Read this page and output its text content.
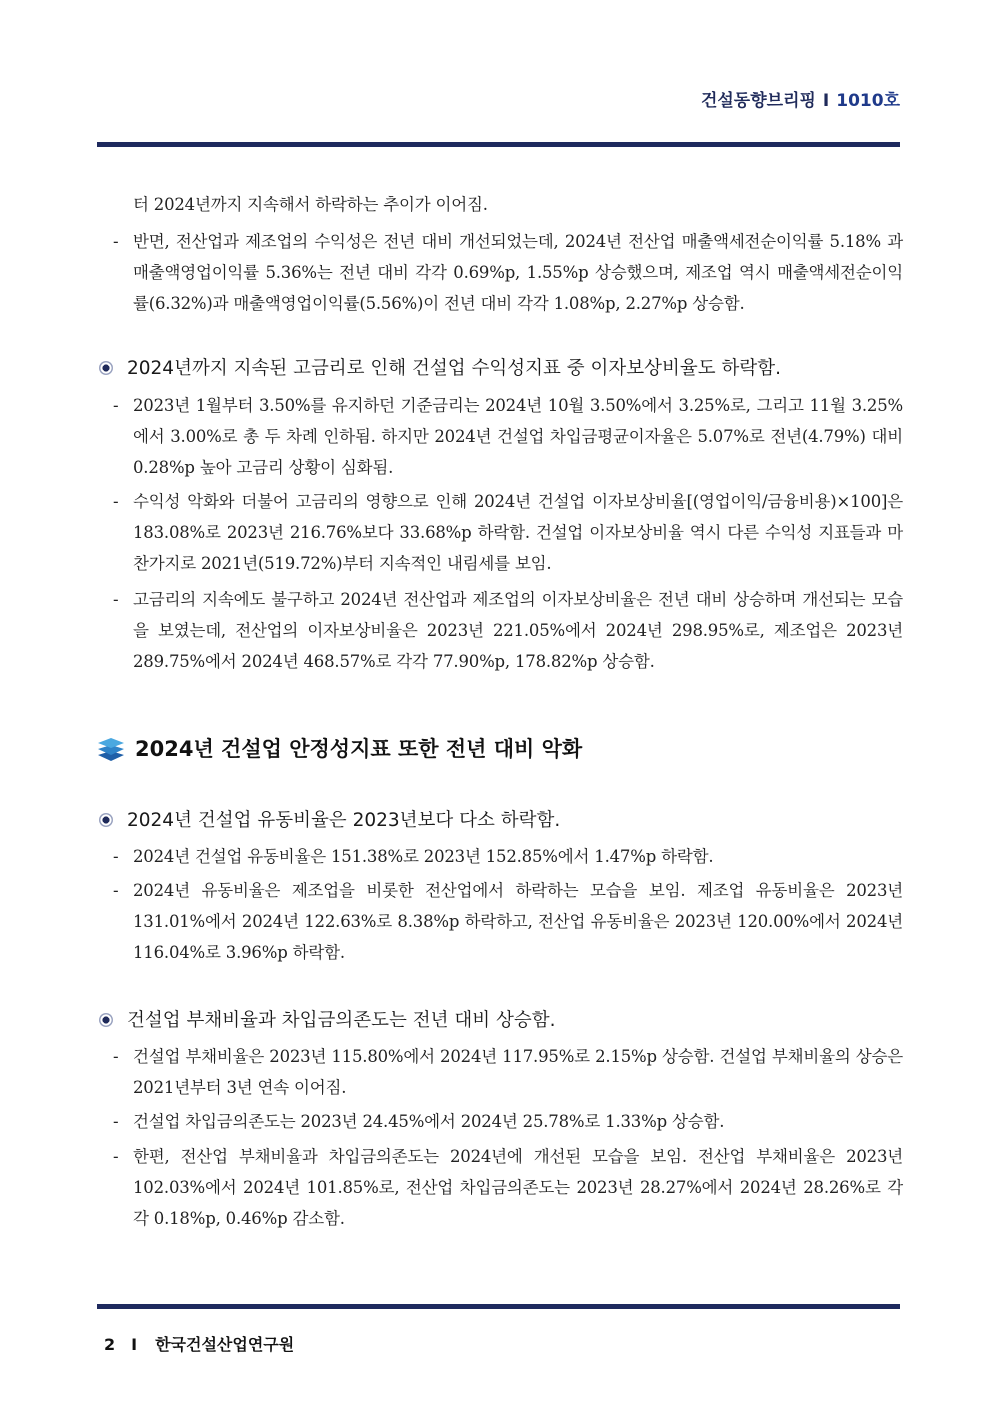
건설동향브리핑 I 1010호
터 2024년까지 지속해서 하락하는 추이가 이어짐.
- 반면, 전산업과 제조업의 수익성은 전년 대비 개선되었는데, 2024년 전산업 매출액세전순이익률 5.18% 과 매출액영업이익률 5.36%는 전년 대비 각각 0.69%p, 1.55%p 상승했으며, 제조업 역시 매출액세전순이익률(6.32%)과 매출액영업이익률(5.56%)이 전년 대비 각각 1.08%p, 2.27%p 상승함.
2024년까지 지속된 고금리로 인해 건설업 수익성지표 중 이자보상비율도 하락함.
- 2023년 1월부터 3.50%를 유지하던 기준금리는 2024년 10월 3.50%에서 3.25%로, 그리고 11월 3.25%에서 3.00%로 총 두 차례 인하됨. 하지만 2024년 건설업 차입금평균이자율은 5.07%로 전년(4.79%) 대비 0.28%p 높아 고금리 상황이 심화됨.
- 수익성 악화와 더불어 고금리의 영향으로 인해 2024년 건설업 이자보상비율[(영업이익/금융비용)×100]은 183.08%로 2023년 216.76%보다 33.68%p 하락함. 건설업 이자보상비율 역시 다른 수익성 지표들과 마찬가지로 2021년(519.72%)부터 지속적인 내림세를 보임.
- 고금리의 지속에도 불구하고 2024년 전산업과 제조업의 이자보상비율은 전년 대비 상승하며 개선되는 모습을 보였는데, 전산업의 이자보상비율은 2023년 221.05%에서 2024년 298.95%로, 제조업은 2023년 289.75%에서 2024년 468.57%로 각각 77.90%p, 178.82%p 상승함.
2024년 건설업 안정성지표 또한 전년 대비 악화
2024년 건설업 유동비율은 2023년보다 다소 하락함.
- 2024년 건설업 유동비율은 151.38%로 2023년 152.85%에서 1.47%p 하락함.
- 2024년 유동비율은 제조업을 비롯한 전산업에서 하락하는 모습을 보임. 제조업 유동비율은 2023년 131.01%에서 2024년 122.63%로 8.38%p 하락하고, 전산업 유동비율은 2023년 120.00%에서 2024년 116.04%로 3.96%p 하락함.
건설업 부채비율과 차입금의존도는 전년 대비 상승함.
- 건설업 부채비율은 2023년 115.80%에서 2024년 117.95%로 2.15%p 상승함. 건설업 부채비율의 상승은 2021년부터 3년 연속 이어짐.
- 건설업 차입금의존도는 2023년 24.45%에서 2024년 25.78%로 1.33%p 상승함.
- 한편, 전산업 부채비율과 차입금의존도는 2024년에 개선된 모습을 보임. 전산업 부채비율은 2023년 102.03%에서 2024년 101.85%로, 전산업 차입금의존도는 2023년 28.27%에서 2024년 28.26%로 각각 0.18%p, 0.46%p 감소함.
2 I 한국건설산업연구원
